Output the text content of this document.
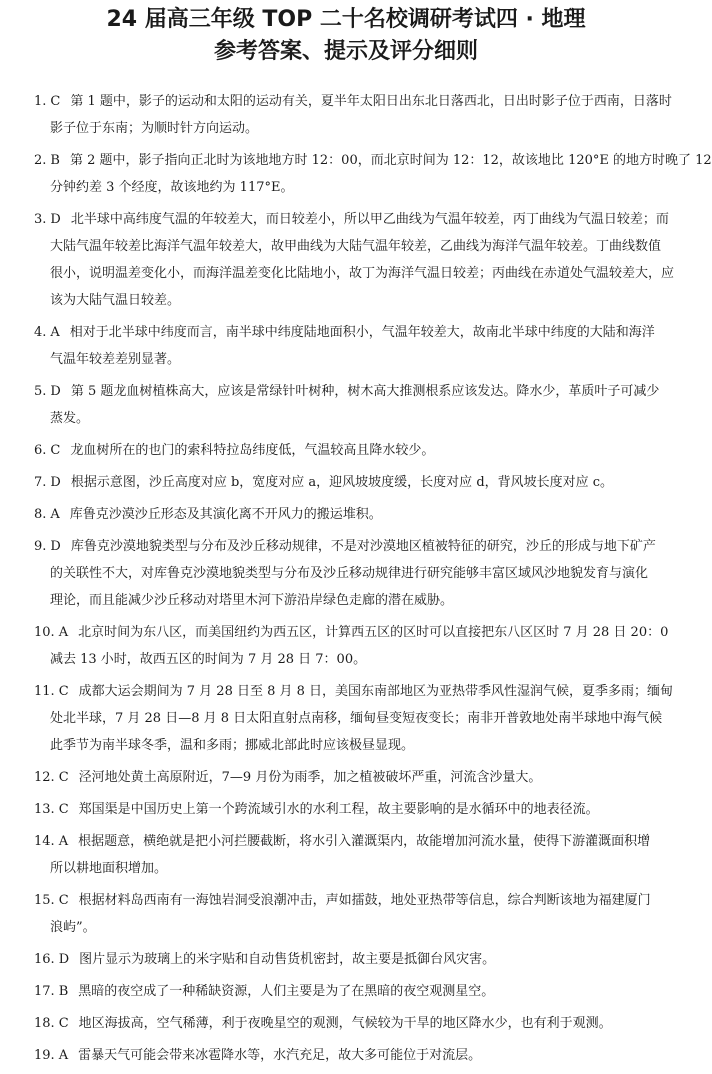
24 届高三年级 TOP 二十名校调研考试四 · 地理
参考答案、提示及评分细则
1. C 第 1 题中，影子的运动和太阳的运动有关，夏半年太阳日出东北日落西北，日出时影子位于西南，日落时
影子位于东南；为顺时针方向运动。
2. B 第 2 题中，影子指向正北时为该地地方时 12：00，而北京时间为 12：12，故该地比 120°E 的地方时晚了 12
分钟约差 3 个经度，故该地约为 117°E。
3. D 北半球中高纬度气温的年较差大，而日较差小，所以甲乙曲线为气温年较差，丙丁曲线为气温日较差；而
大陆气温年较差比海洋气温年较差大，故甲曲线为大陆气温年较差，乙曲线为海洋气温年较差。丁曲线数值
很小，说明温差变化小，而海洋温差变化比陆地小，故丁为海洋气温日较差；丙曲线在赤道处气温较差大，应
该为大陆气温日较差。
4. A 相对于北半球中纬度而言，南半球中纬度陆地面积小，气温年较差大，故南北半球中纬度的大陆和海洋
气温年较差差别显著。
5. D 第 5 题龙血树植株高大，应该是常绿针叶树种，树木高大推测根系应该发达。降水少，革质叶子可减少
蒸发。
6. C 龙血树所在的也门的索科特拉岛纬度低，气温较高且降水较少。
7. D 根据示意图，沙丘高度对应 b，宽度对应 a，迎风坡坡度缓，长度对应 d，背风坡长度对应 c。
8. A 库鲁克沙漠沙丘形态及其演化离不开风力的搬运堆积。
9. D 库鲁克沙漠地貌类型与分布及沙丘移动规律，不是对沙漠地区植被特征的研究，沙丘的形成与地下矿产
的关联性不大，对库鲁克沙漠地貌类型与分布及沙丘移动规律进行研究能够丰富区域风沙地貌发育与演化
理论，而且能减少沙丘移动对塔里木河下游沿岸绿色走廊的潜在威胁。
10. A 北京时间为东八区，而美国纽约为西五区，计算西五区的区时可以直接把东八区区时 7 月 28 日 20：0
减去 13 小时，故西五区的时间为 7 月 28 日 7：00。
11. C 成都大运会期间为 7 月 28 日至 8 月 8 日，美国东南部地区为亚热带季风性湿润气候，夏季多雨；缅甸
处北半球，7 月 28 日—8 月 8 日太阳直射点南移，缅甸昼变短夜变长；南非开普敦地处南半球地中海气候
此季节为南半球冬季，温和多雨；挪威北部此时应该极昼显现。
12. C 泾河地处黄土高原附近，7—9 月份为雨季，加之植被破坏严重，河流含沙量大。
13. C 郑国渠是中国历史上第一个跨流域引水的水利工程，故主要影响的是水循环中的地表径流。
14. A 根据题意，横绝就是把小河拦腰截断，将水引入灌溉渠内，故能增加河流水量，使得下游灌溉面积增
所以耕地面积增加。
15. C 根据材料岛西南有一海蚀岩洞受浪潮冲击，声如擂鼓，地处亚热带等信息，综合判断该地为福建厦门
浪屿”。
16. D 图片显示为玻璃上的米字贴和自动售货机密封，故主要是抵御台风灾害。
17. B 黑暗的夜空成了一种稀缺资源，人们主要是为了在黑暗的夜空观测星空。
18. C 地区海拔高，空气稀薄，利于夜晚星空的观测，气候较为干旱的地区降水少，也有利于观测。
19. A 雷暴天气可能会带来冰雹降水等，水汽充足，故大多可能位于对流层。
